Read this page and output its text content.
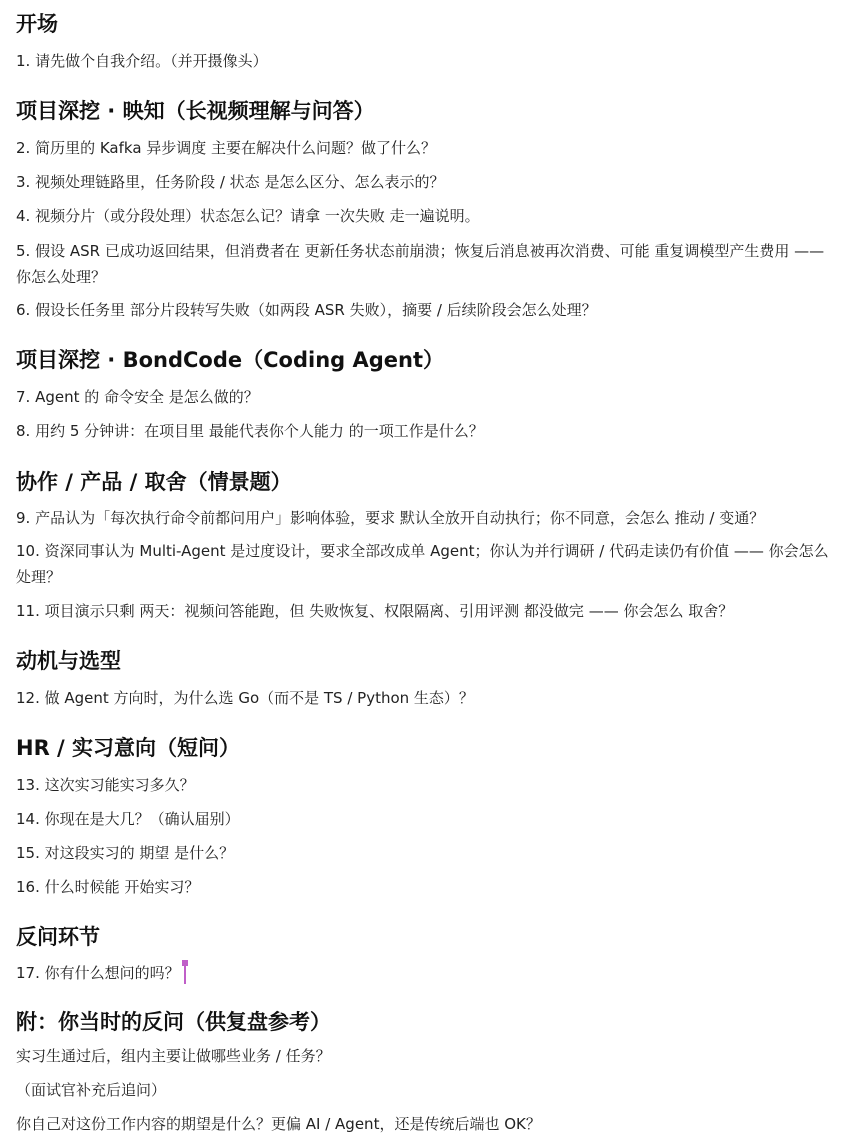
开场

1. 请先做个自我介绍。（并开摄像头）

项目深挖 · 映知（长视频理解与问答）

2. 简历里的 Kafka 异步调度 主要在解决什么问题？做了什么？

3. 视频处理链路里，任务阶段 / 状态 是怎么区分、怎么表示的？

4. 视频分片（或分段处理）状态怎么记？请拿 一次失败 走一遍说明。

5. 假设 ASR 已成功返回结果，但消费者在 更新任务状态前崩溃；恢复后消息被再次消费、可能 重复调模型产生费用 —— 你怎么处理？

6. 假设长任务里 部分片段转写失败（如两段 ASR 失败），摘要 / 后续阶段会怎么处理？

项目深挖 · BondCode（Coding Agent）

7. Agent 的 命令安全 是怎么做的？

8. 用约 5 分钟讲：在项目里 最能代表你个人能力 的一项工作是什么？

协作 / 产品 / 取舍（情景题）

9. 产品认为「每次执行命令前都问用户」影响体验，要求 默认全放开自动执行；你不同意，会怎么 推动 / 变通？

10. 资深同事认为 Multi-Agent 是过度设计，要求全部改成单 Agent；你认为并行调研 / 代码走读仍有价值 —— 你会怎么处理？

11. 项目演示只剩 两天：视频问答能跑，但 失败恢复、权限隔离、引用评测 都没做完 —— 你会怎么 取舍？

动机与选型

12. 做 Agent 方向时，为什么选 Go（而不是 TS / Python 生态）？

HR / 实习意向（短问）

13. 这次实习能实习多久？

14. 你现在是大几？（确认届别）

15. 对这段实习的 期望 是什么？

16. 什么时候能 开始实习？

反问环节

17. 你有什么想问的吗？

附：你当时的反问（供复盘参考）

实习生通过后，组内主要让做哪些业务 / 任务？

（面试官补充后追问）

你自己对这份工作内容的期望是什么？更偏 AI / Agent，还是传统后端也 OK？
